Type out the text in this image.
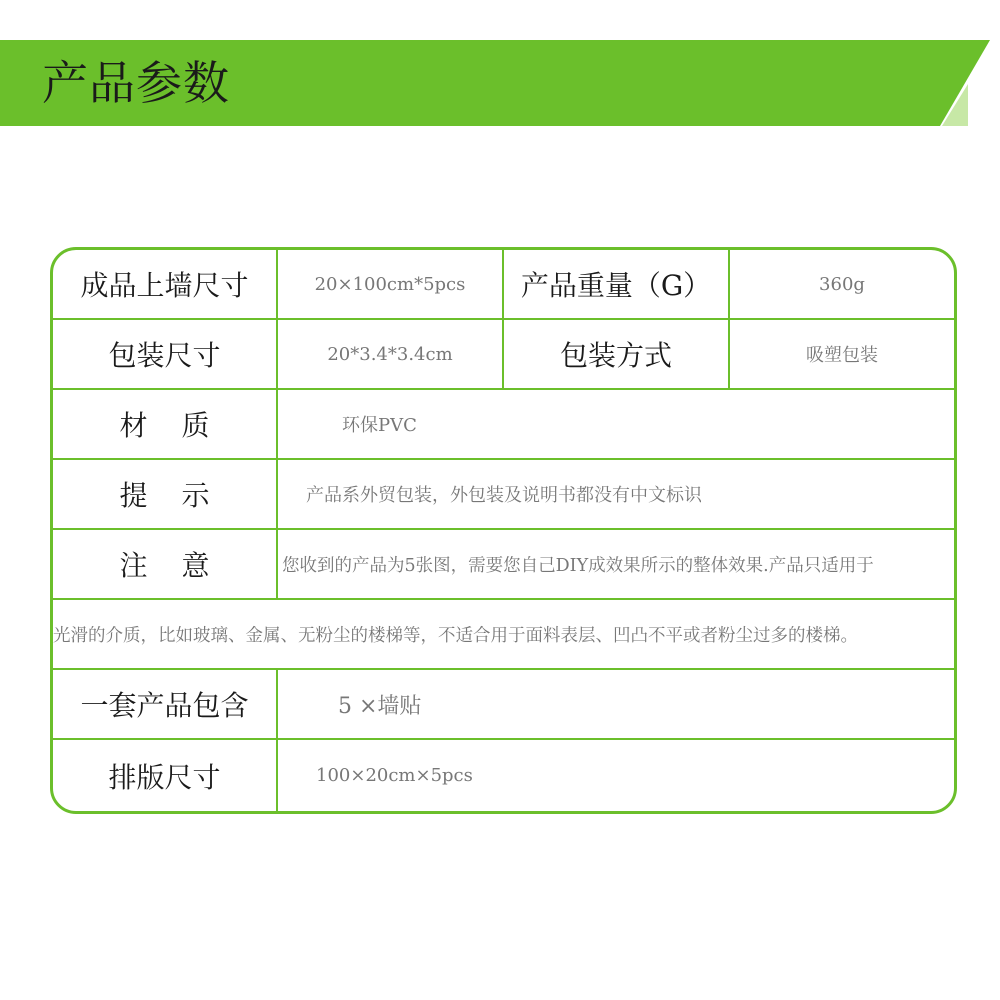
产品参数
成品上墙尺寸	20×100cm*5pcs	产品重量（G）	360g
包装尺寸	20*3.4*3.4cm	包装方式	吸塑包装
材质	环保PVC
提示	产品系外贸包装，外包装及说明书都没有中文标识
注意	您收到的产品为5张图，需要您自己DIY成效果所示的整体效果.产品只适用于
光滑的介质，比如玻璃、金属、无粉尘的楼梯等，不适合用于面料表层、凹凸不平或者粉尘过多的楼梯。
一套产品包含	5 ×墙贴
排版尺寸	100×20cm×5pcs
